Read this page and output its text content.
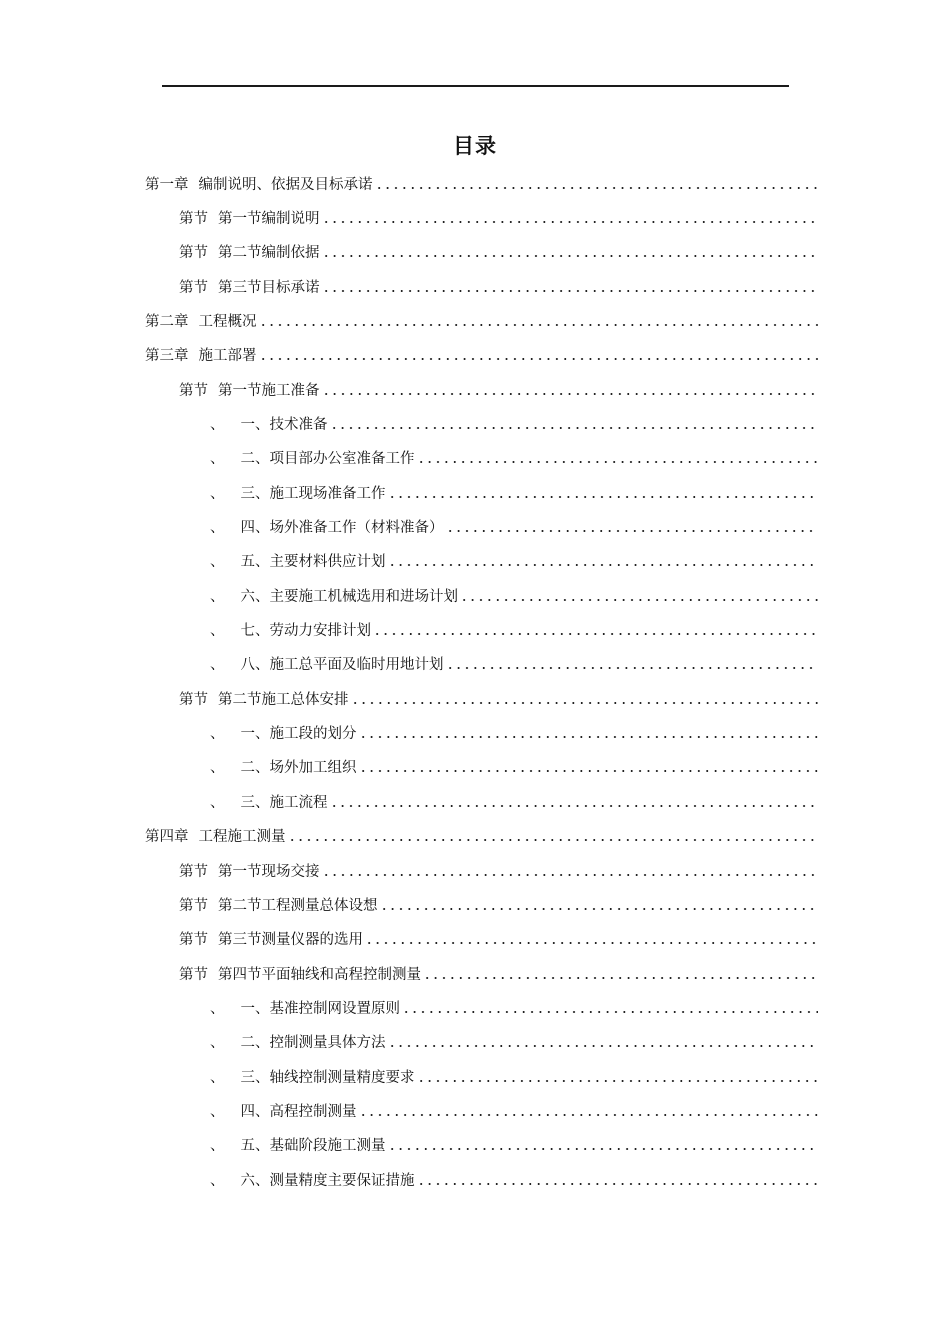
目录
第一章 编制说明、依据及目标承诺
第节 第一节编制说明
第节 第二节编制依据
第节 第三节目标承诺
第二章 工程概况
第三章 施工部署
第节 第一节施工准备
、 一、技术准备
、 二、项目部办公室准备工作
、 三、施工现场准备工作
、 四、场外准备工作（材料准备）
、 五、主要材料供应计划
、 六、主要施工机械选用和进场计划
、 七、劳动力安排计划
、 八、施工总平面及临时用地计划
第节 第二节施工总体安排
、 一、施工段的划分
、 二、场外加工组织
、 三、施工流程
第四章 工程施工测量
第节 第一节现场交接
第节 第二节工程测量总体设想
第节 第三节测量仪器的选用
第节 第四节平面轴线和高程控制测量
、 一、基准控制网设置原则
、 二、控制测量具体方法
、 三、轴线控制测量精度要求
、 四、高程控制测量
、 五、基础阶段施工测量
、 六、测量精度主要保证措施
